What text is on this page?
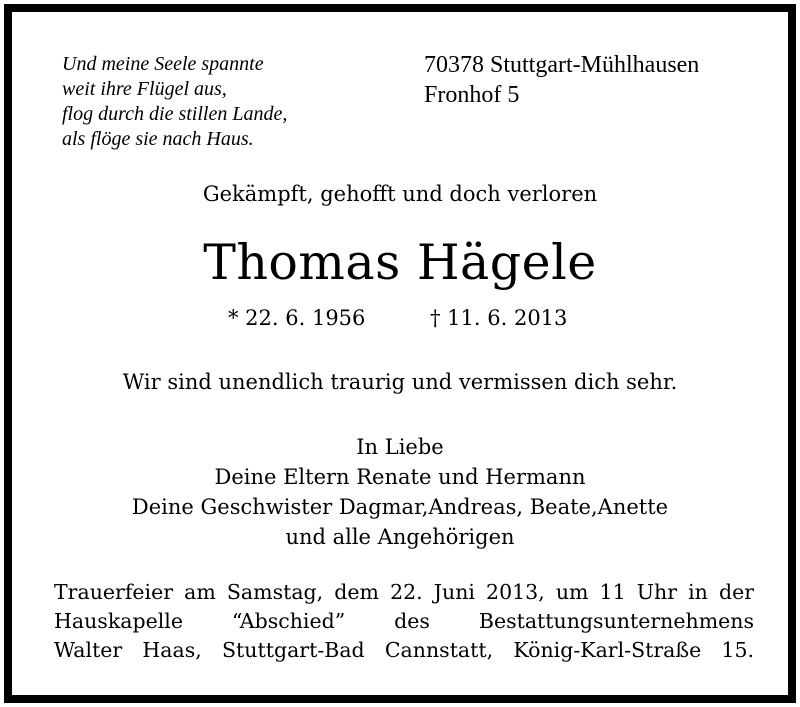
Und meine Seele spannte
weit ihre Flügel aus,
flog durch die stillen Lande,
als flöge sie nach Haus.
70378 Stuttgart-Mühlhausen
Fronhof 5
Gekämpft, gehofft und doch verloren
Thomas Hägele
* 22. 6. 1956	† 11. 6. 2013
Wir sind unendlich traurig und vermissen dich sehr.
In Liebe
Deine Eltern Renate und Hermann
Deine Geschwister Dagmar,Andreas, Beate,Anette
und alle Angehörigen
Trauerfeier am Samstag, dem 22. Juni 2013, um 11 Uhr in der
Hauskapelle “Abschied” des Bestattungsunternehmens
Walter Haas, Stuttgart-Bad Cannstatt, König-Karl-Straße 15.
